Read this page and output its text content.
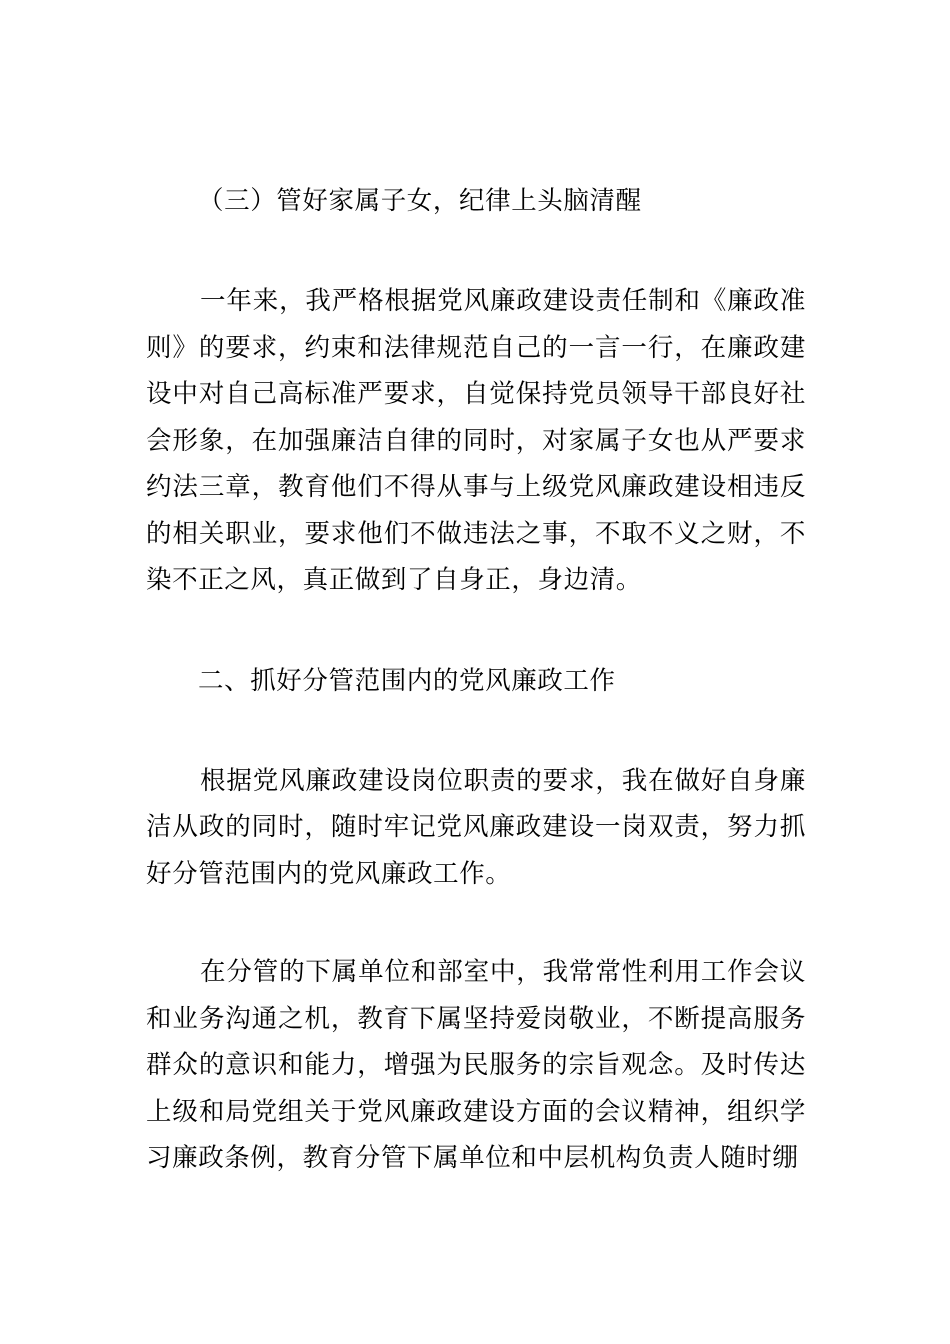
（三）管好家属子女，纪律上头脑清醒

一年来，我严格根据党风廉政建设责任制和《廉政准则》的要求，约束和法律规范自己的一言一行，在廉政建设中对自己高标准严要求，自觉保持党员领导干部良好社会形象，在加强廉洁自律的同时，对家属子女也从严要求约法三章，教育他们不得从事与上级党风廉政建设相违反的相关职业，要求他们不做违法之事，不取不义之财，不染不正之风，真正做到了自身正，身边清。

二、抓好分管范围内的党风廉政工作

根据党风廉政建设岗位职责的要求，我在做好自身廉洁从政的同时，随时牢记党风廉政建设一岗双责，努力抓好分管范围内的党风廉政工作。

在分管的下属单位和部室中，我常常性利用工作会议和业务沟通之机，教育下属坚持爱岗敬业，不断提高服务群众的意识和能力，增强为民服务的宗旨观念。及时传达上级和局党组关于党风廉政建设方面的会议精神，组织学习廉政条例，教育分管下属单位和中层机构负责人随时绷
